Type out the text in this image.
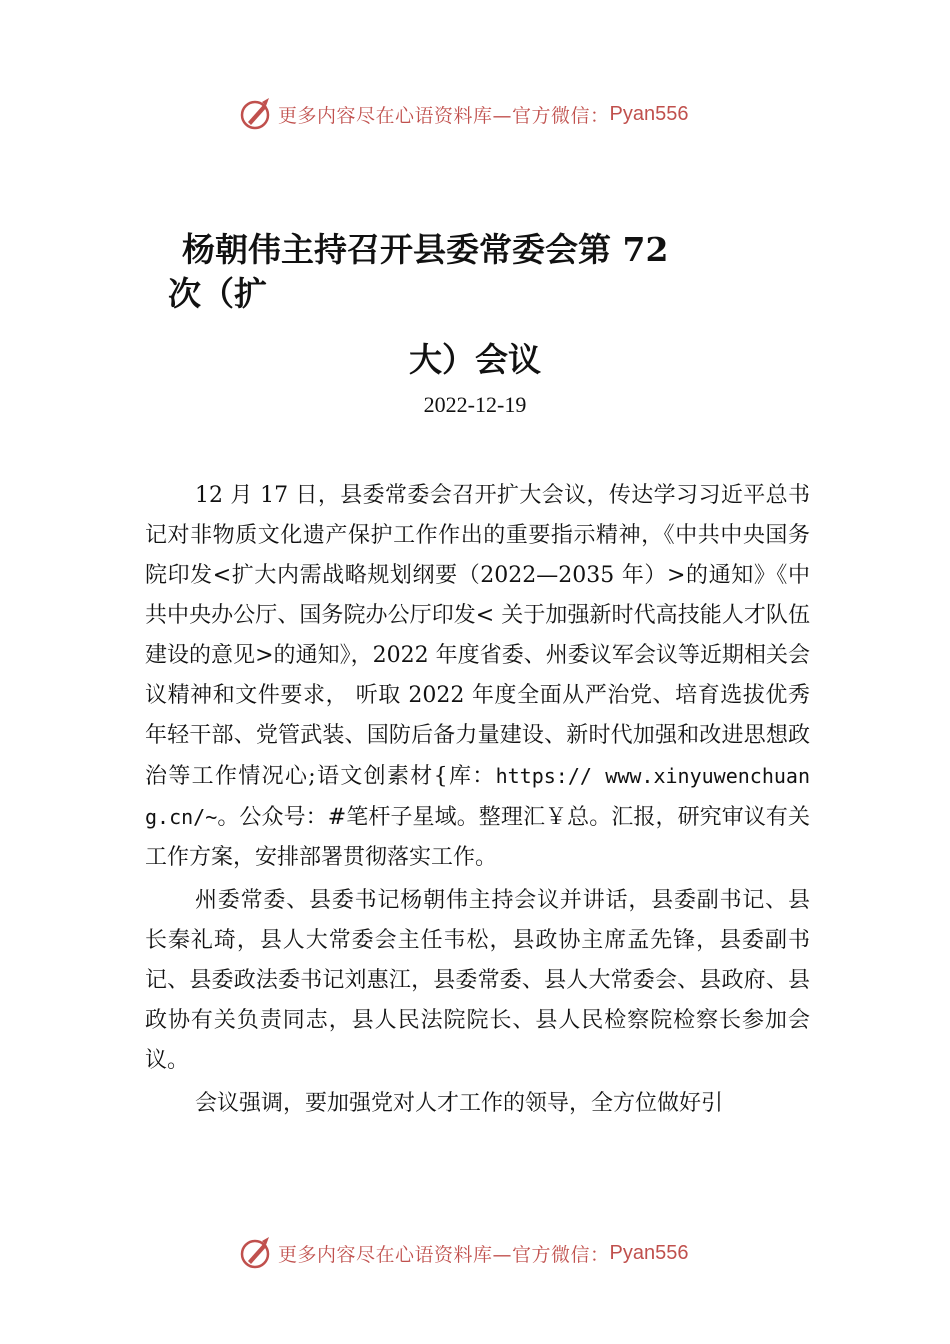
更多内容尽在心语资料库—官方微信： Pyan556
杨朝伟主持召开县委常委会第 72
次（扩
大）会议
2022-12-19

12 月 17 日，县委常委会召开扩大会议，传达学习习近平总书记对非物质文化遗产保护工作作出的重要指示精神，《中共中央国务院印发<扩大内需战略规划纲要（2022—2035 年）>的通知》《中共中央办公厅、国务院办公厅印发< 关于加强新时代高技能人才队伍建设的意见>的通知》，2022 年度省委、州委议军会议等近期相关会议精神和文件要求， 听取 2022 年度全面从严治党、培育选拔优秀年轻干部、党管武装、国防后备力量建设、新时代加强和改进思想政治等工作情况心;语文创素材{库：https:// www.xinyuwenchuang.cn/~。公众号：#笔杆子星域。整理汇￥总。汇报，研究审议有关工作方案，安排部署贯彻落实工作。

州委常委、县委书记杨朝伟主持会议并讲话，县委副书记、县长秦礼琦，县人大常委会主任韦松，县政协主席孟先锋，县委副书记、县委政法委书记刘惠江，县委常委、县人大常委会、县政府、县政协有关负责同志，县人民法院院长、县人民检察院检察长参加会议。

会议强调，要加强党对人才工作的领导，全方位做好引

更多内容尽在心语资料库—官方微信： Pyan556
